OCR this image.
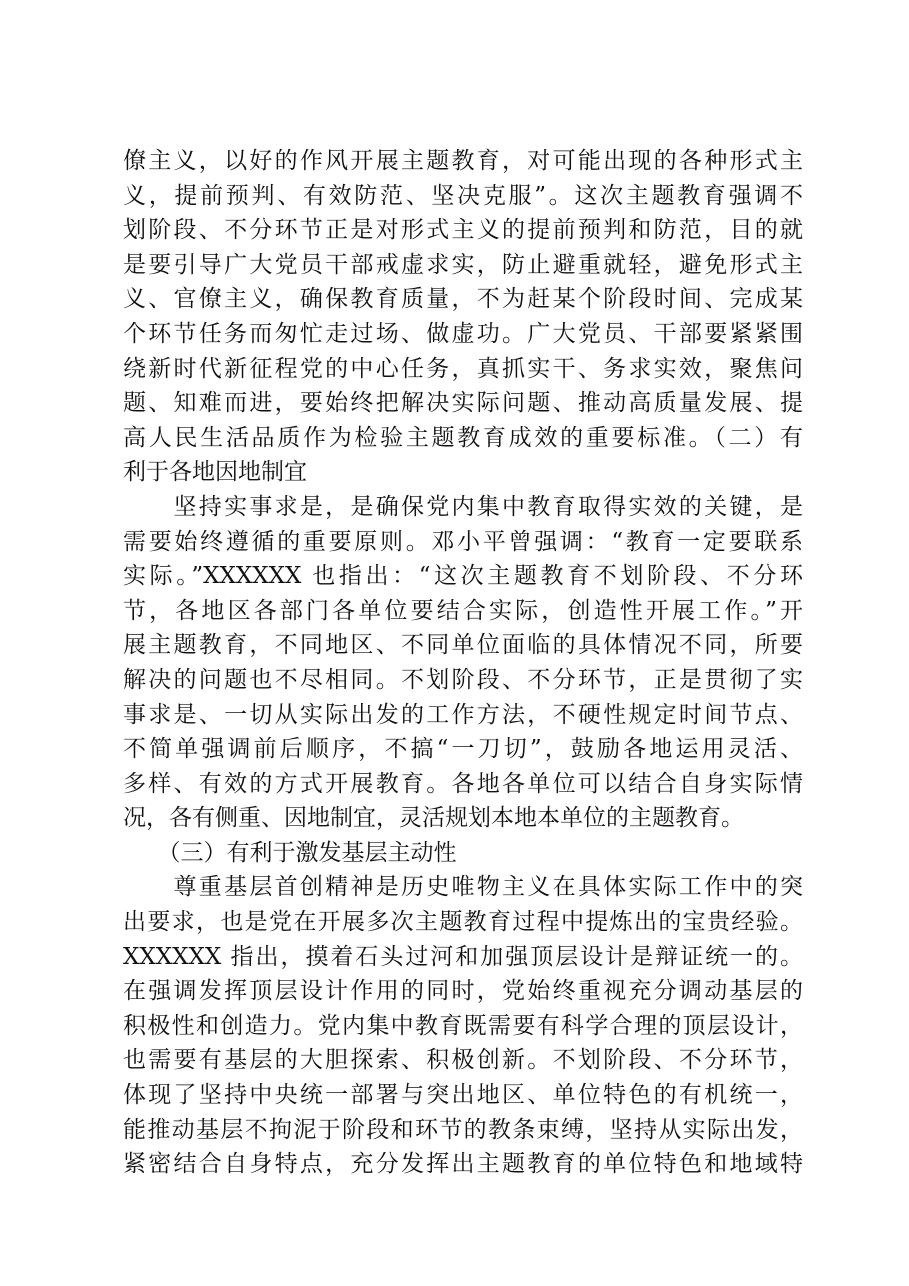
僚主义，以好的作风开展主题教育，对可能出现的各种形式主
义，提前预判、有效防范、坚决克服”。这次主题教育强调不
划阶段、不分环节正是对形式主义的提前预判和防范，目的就
是要引导广大党员干部戒虚求实，防止避重就轻，避免形式主
义、官僚主义，确保教育质量，不为赶某个阶段时间、完成某
个环节任务而匆忙走过场、做虚功。广大党员、干部要紧紧围
绕新时代新征程党的中心任务，真抓实干、务求实效，聚焦问
题、知难而进，要始终把解决实际问题、推动高质量发展、提
高人民生活品质作为检验主题教育成效的重要标准。（二）有
利于各地因地制宜
　　坚持实事求是，是确保党内集中教育取得实效的关键，是
需要始终遵循的重要原则。邓小平曾强调：“教育一定要联系
实际。”XXXXXX 也指出：“这次主题教育不划阶段、不分环
节，各地区各部门各单位要结合实际，创造性开展工作。”开
展主题教育，不同地区、不同单位面临的具体情况不同，所要
解决的问题也不尽相同。不划阶段、不分环节，正是贯彻了实
事求是、一切从实际出发的工作方法，不硬性规定时间节点、
不简单强调前后顺序，不搞“一刀切”，鼓励各地运用灵活、
多样、有效的方式开展教育。各地各单位可以结合自身实际情
况，各有侧重、因地制宜，灵活规划本地本单位的主题教育。
　　（三）有利于激发基层主动性
　　尊重基层首创精神是历史唯物主义在具体实际工作中的突
出要求，也是党在开展多次主题教育过程中提炼出的宝贵经验。
XXXXXX 指出，摸着石头过河和加强顶层设计是辩证统一的。
在强调发挥顶层设计作用的同时，党始终重视充分调动基层的
积极性和创造力。党内集中教育既需要有科学合理的顶层设计，
也需要有基层的大胆探索、积极创新。不划阶段、不分环节，
体现了坚持中央统一部署与突出地区、单位特色的有机统一，
能推动基层不拘泥于阶段和环节的教条束缚，坚持从实际出发，
紧密结合自身特点，充分发挥出主题教育的单位特色和地域特
